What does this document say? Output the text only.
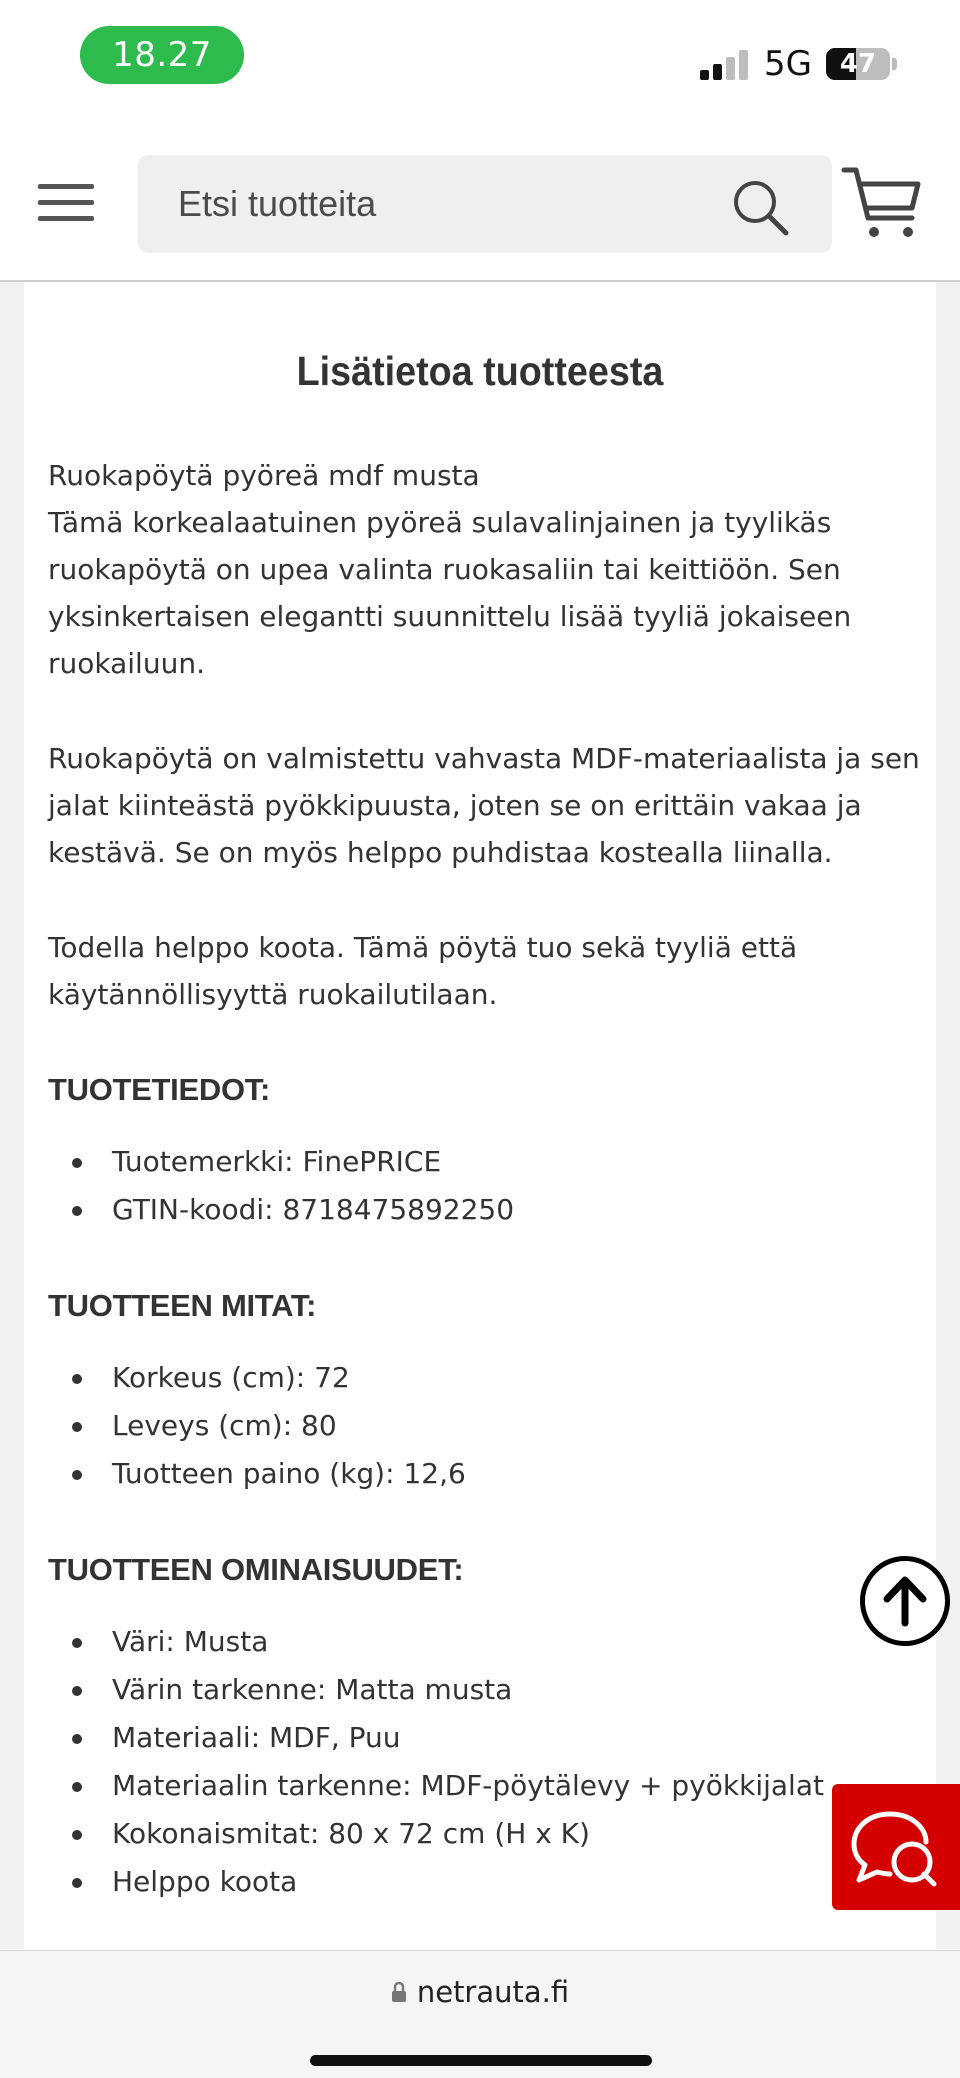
18.27	5G	47
Etsi tuotteita
Lisätietoa tuotteesta

Ruokapöytä pyöreä mdf musta

Tämä korkealaatuinen pyöreä sulavalinjainen ja tyylikäs ruokapöytä on upea valinta ruokasaliin tai keittiöön. Sen yksinkertaisen elegantti suunnittelu lisää tyyliä jokaiseen ruokailuun.

Ruokapöytä on valmistettu vahvasta MDF-materiaalista ja sen jalat kiinteästä pyökkipuusta, joten se on erittäin vakaa ja kestävä. Se on myös helppo puhdistaa kostealla liinalla.

Todella helppo koota. Tämä pöytä tuo sekä tyyliä että käytännöllisyyttä ruokailutilaan.

TUOTETIEDOT:
Tuotemerkki: FinePRICE
GTIN-koodi: 8718475892250
TUOTTEEN MITAT:
Korkeus (cm): 72
Leveys (cm): 80
Tuotteen paino (kg): 12,6
TUOTTEEN OMINAISUUDET:
Väri: Musta
Värin tarkenne: Matta musta
Materiaali: MDF, Puu
Materiaalin tarkenne: MDF-pöytälevy + pyökkijalat
Kokonaismitat: 80 x 72 cm (H x K)
Helppo koota
netrauta.fi
